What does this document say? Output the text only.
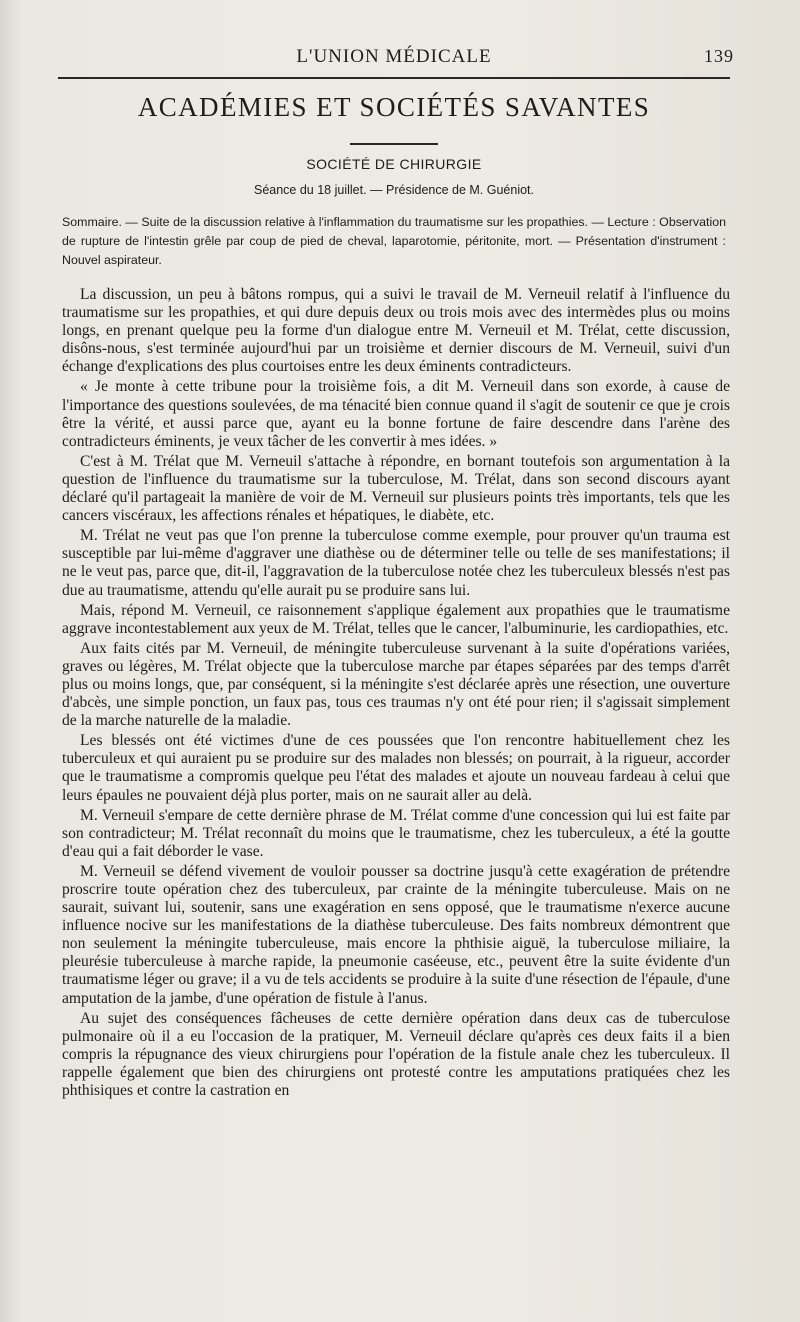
L'UNION MÉDICALE	139
ACADÉMIES ET SOCIÉTÉS SAVANTES
SOCIÉTÉ DE CHIRURGIE
Séance du 18 juillet. — Présidence de M. Guéniot.
Sommaire. — Suite de la discussion relative à l'inflammation du traumatisme sur les propathies. — Lecture : Observation de rupture de l'intestin grêle par coup de pied de cheval, laparotomie, péritonite, mort. — Présentation d'instrument : Nouvel aspirateur.

La discussion, un peu à bâtons rompus, qui a suivi le travail de M. Verneuil relatif à l'influence du traumatisme sur les propathies, et qui dure depuis deux ou trois mois avec des intermèdes plus ou moins longs, en prenant quelque peu la forme d'un dialogue entre M. Verneuil et M. Trélat, cette discussion, disôns-nous, s'est terminée aujourd'hui par un troisième et dernier discours de M. Verneuil, suivi d'un échange d'explications des plus courtoises entre les deux éminents contradicteurs.

« Je monte à cette tribune pour la troisième fois, a dit M. Verneuil dans son exorde, à cause de l'importance des questions soulevées, de ma ténacité bien connue quand il s'agit de soutenir ce que je crois être la vérité, et aussi parce que, ayant eu la bonne fortune de faire descendre dans l'arène des contradicteurs éminents, je veux tâcher de les convertir à mes idées. »

C'est à M. Trélat que M. Verneuil s'attache à répondre, en bornant toutefois son argumentation à la question de l'influence du traumatisme sur la tuberculose, M. Trélat, dans son second discours ayant déclaré qu'il partageait la manière de voir de M. Verneuil sur plusieurs points très importants, tels que les cancers viscéraux, les affections rénales et hépatiques, le diabète, etc.

M. Trélat ne veut pas que l'on prenne la tuberculose comme exemple, pour prouver qu'un trauma est susceptible par lui-même d'aggraver une diathèse ou de déterminer telle ou telle de ses manifestations; il ne le veut pas, parce que, dit-il, l'aggravation de la tuberculose notée chez les tuberculeux blessés n'est pas due au traumatisme, attendu qu'elle aurait pu se produire sans lui.

Mais, répond M. Verneuil, ce raisonnement s'applique également aux propathies que le traumatisme aggrave incontestablement aux yeux de M. Trélat, telles que le cancer, l'albuminurie, les cardiopathies, etc.

Aux faits cités par M. Verneuil, de méningite tuberculeuse survenant à la suite d'opérations variées, graves ou légères, M. Trélat objecte que la tuberculose marche par étapes séparées par des temps d'arrêt plus ou moins longs, que, par conséquent, si la méningite s'est déclarée après une résection, une ouverture d'abcès, une simple ponction, un faux pas, tous ces traumas n'y ont été pour rien; il s'agissait simplement de la marche naturelle de la maladie.

Les blessés ont été victimes d'une de ces poussées que l'on rencontre habituellement chez les tuberculeux et qui auraient pu se produire sur des malades non blessés; on pourrait, à la rigueur, accorder que le traumatisme a compromis quelque peu l'état des malades et ajoute un nouveau fardeau à celui que leurs épaules ne pouvaient déjà plus porter, mais on ne saurait aller au delà.

M. Verneuil s'empare de cette dernière phrase de M. Trélat comme d'une concession qui lui est faite par son contradicteur; M. Trélat reconnaît du moins que le traumatisme, chez les tuberculeux, a été la goutte d'eau qui a fait déborder le vase.

M. Verneuil se défend vivement de vouloir pousser sa doctrine jusqu'à cette exagération de prétendre proscrire toute opération chez des tuberculeux, par crainte de la méningite tuberculeuse. Mais on ne saurait, suivant lui, soutenir, sans une exagération en sens opposé, que le traumatisme n'exerce aucune influence nocive sur les manifestations de la diathèse tuberculeuse. Des faits nombreux démontrent que non seulement la méningite tuberculeuse, mais encore la phthisie aiguë, la tuberculose miliaire, la pleurésie tuberculeuse à marche rapide, la pneumonie caséeuse, etc., peuvent être la suite évidente d'un traumatisme léger ou grave; il a vu de tels accidents se produire à la suite d'une résection de l'épaule, d'une amputation de la jambe, d'une opération de fistule à l'anus.

Au sujet des conséquences fâcheuses de cette dernière opération dans deux cas de tuberculose pulmonaire où il a eu l'occasion de la pratiquer, M. Verneuil déclare qu'après ces deux faits il a bien compris la répugnance des vieux chirurgiens pour l'opération de la fistule anale chez les tuberculeux. Il rappelle également que bien des chirurgiens ont protesté contre les amputations pratiquées chez les phthisiques et contre la castration en
